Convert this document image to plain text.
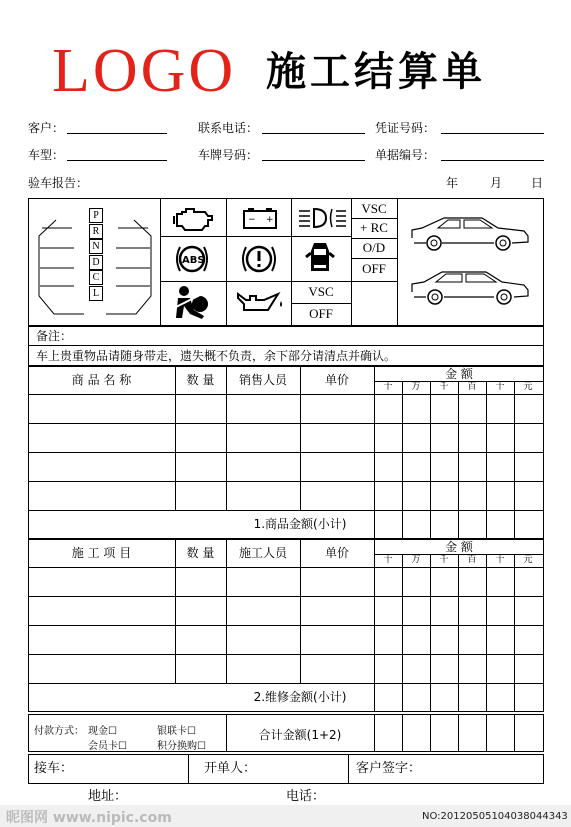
LOGO 施工结算单
客户：	联系电话：	凭证号码：
车型：	车牌号码：	单据编号：
验车报告：	年	月 日
P
R
N
D
C
L
− +
ABS
VSC
+ RC
O/D
OFF
VSC
OFF
备注：
车上贵重物品请随身带走，遗失概不负责，余下部分请清点并确认。
商 品 名 称	数 量	销售人员	单价	金 额
十	万	千	百	十	元
1.商品金额(小计)
施 工 项 目	数 量	施工人员	单价	金 额
十	万	千	百	十	元
2.维修金额(小计)
付款方式： 现金☐	银联卡☐
会员卡☐	积分换购☐
合计金额(1+2)
接车：	开单人：	客户签字：
地址：	电话：
昵图网 www.nipic.com	NO:20120505104038044343
